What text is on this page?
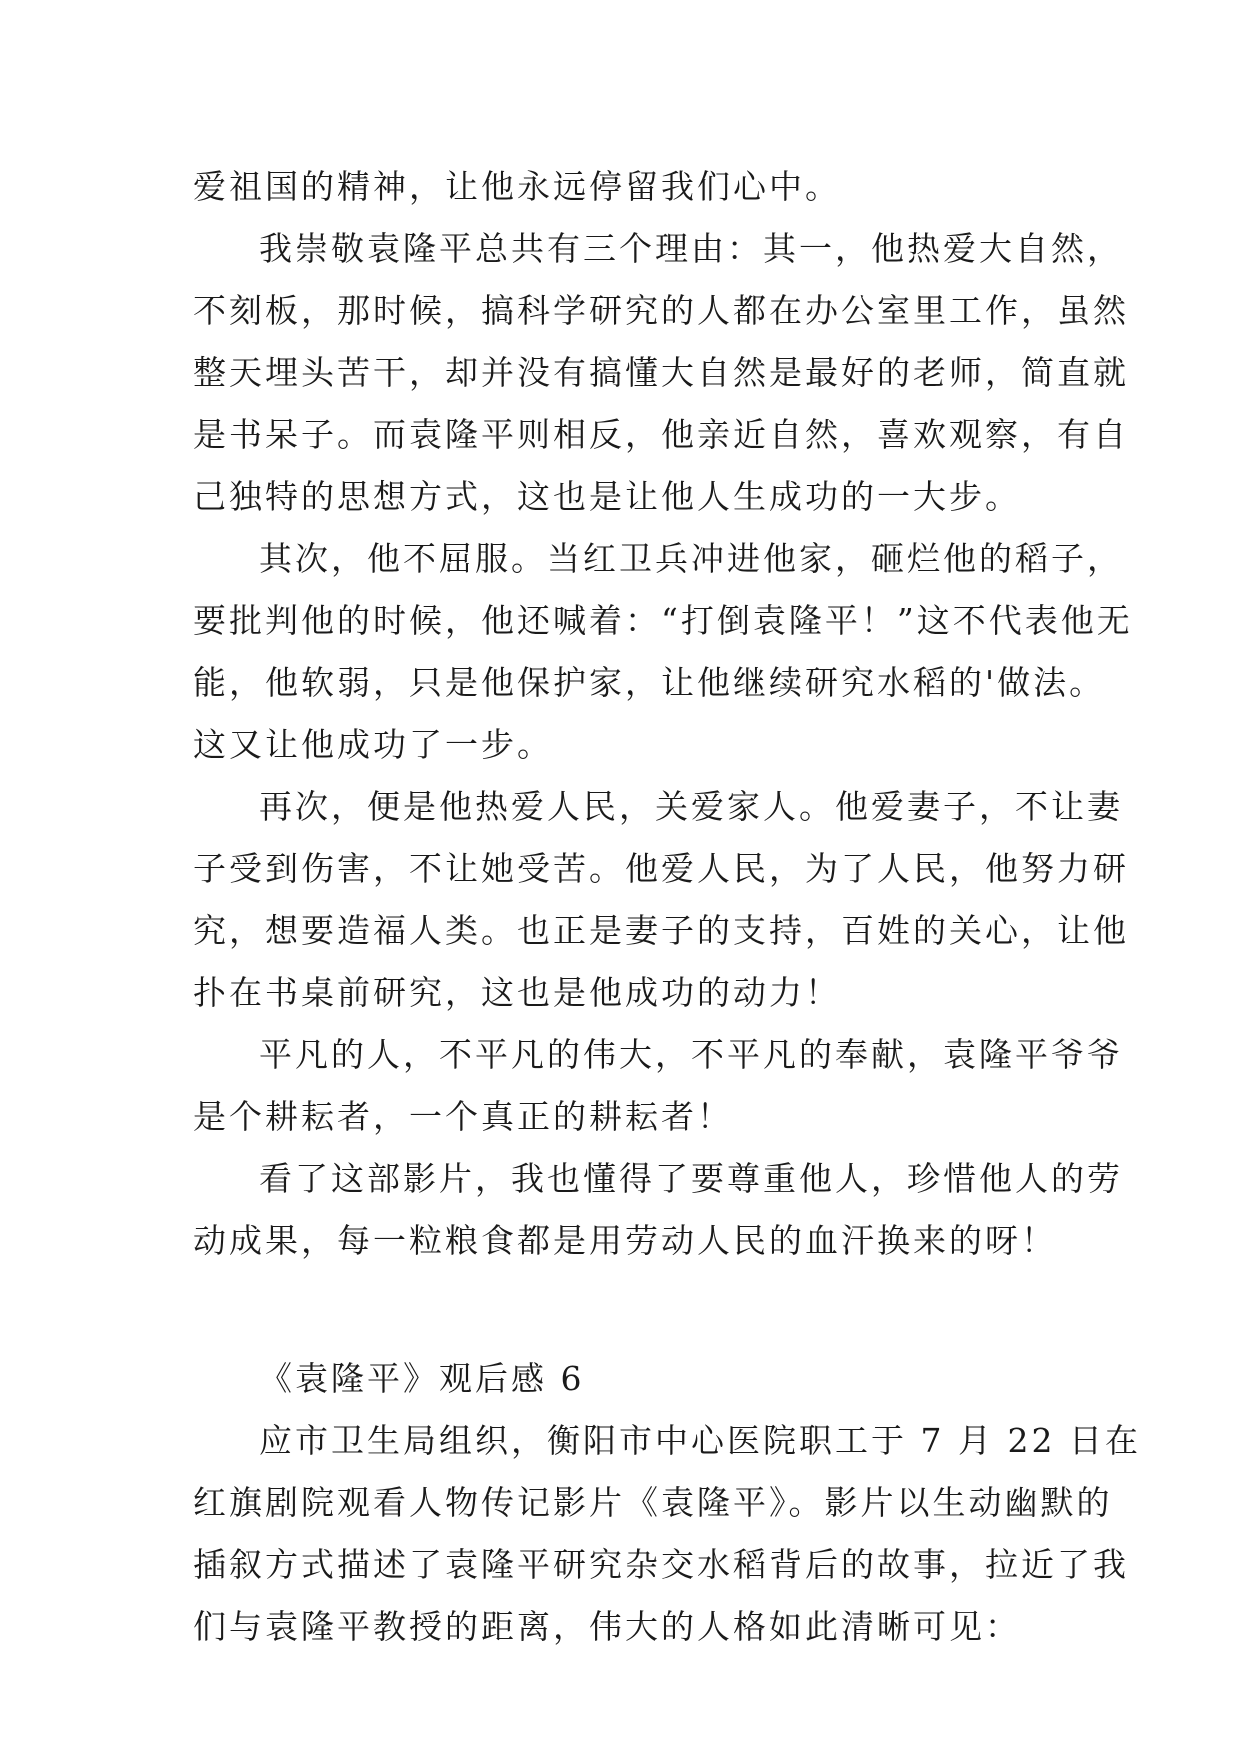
爱祖国的精神，让他永远停留我们心中。
我崇敬袁隆平总共有三个理由：其一，他热爱大自然，
不刻板，那时候，搞科学研究的人都在办公室里工作，虽然
整天埋头苦干，却并没有搞懂大自然是最好的老师，简直就
是书呆子。而袁隆平则相反，他亲近自然，喜欢观察，有自
己独特的思想方式，这也是让他人生成功的一大步。
其次，他不屈服。当红卫兵冲进他家，砸烂他的稻子，
要批判他的时候，他还喊着：“打倒袁隆平！”这不代表他无
能，他软弱，只是他保护家，让他继续研究水稻的'做法。
这又让他成功了一步。
再次，便是他热爱人民，关爱家人。他爱妻子，不让妻
子受到伤害，不让她受苦。他爱人民，为了人民，他努力研
究，想要造福人类。也正是妻子的支持，百姓的关心，让他
扑在书桌前研究，这也是他成功的动力！
平凡的人，不平凡的伟大，不平凡的奉献，袁隆平爷爷
是个耕耘者，一个真正的耕耘者！
看了这部影片，我也懂得了要尊重他人，珍惜他人的劳
动成果，每一粒粮食都是用劳动人民的血汗换来的呀！
《袁隆平》观后感 6
应市卫生局组织，衡阳市中心医院职工于 7 月 22 日在
红旗剧院观看人物传记影片《袁隆平》。影片以生动幽默的
插叙方式描述了袁隆平研究杂交水稻背后的故事，拉近了我
们与袁隆平教授的距离，伟大的人格如此清晰可见：
